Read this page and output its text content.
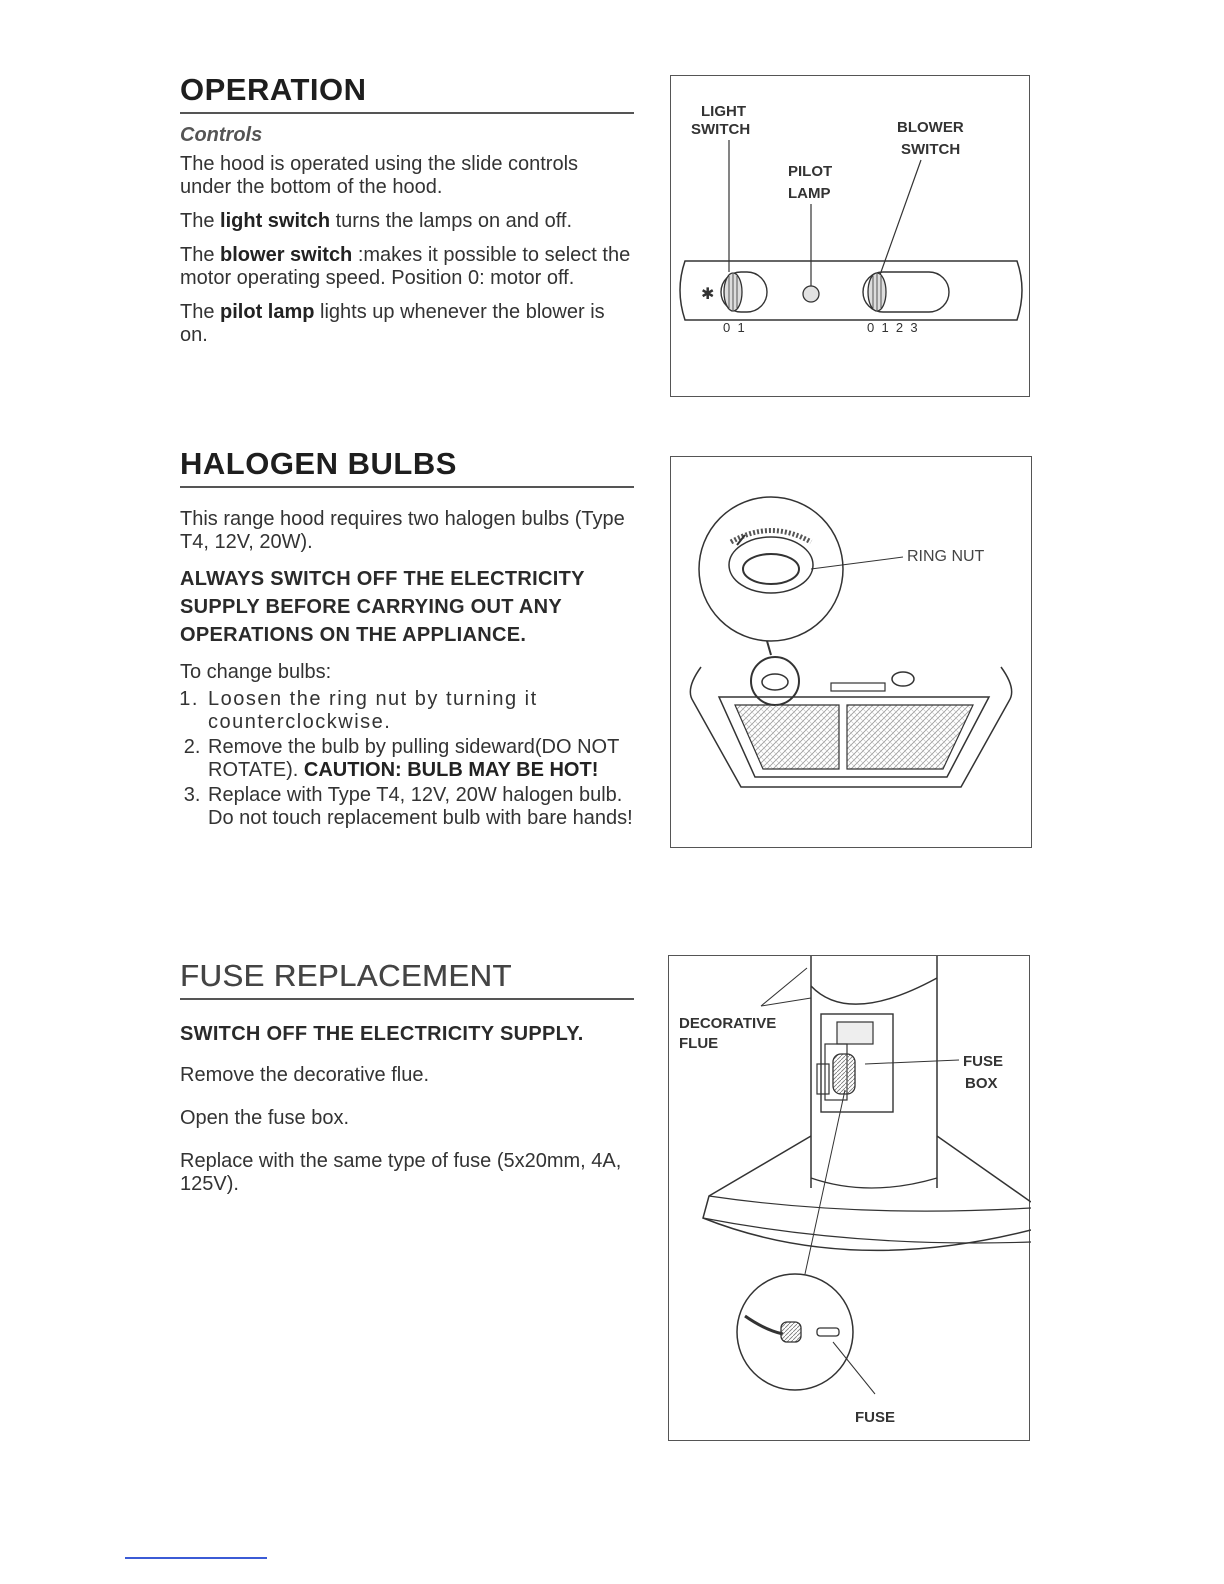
OPERATION
Controls

The hood is operated using the slide controls under the bottom of the hood.

The light switch turns the lamps on and off.

The blower switch :makes it possible to select the motor operating speed. Position 0: motor off.

The pilot lamp lights up whenever the blower is on.

LIGHT
SWITCH	BLOWER
SWITCH
PILOT
LAMP
✱
0  1	0  1  2  3
HALOGEN BULBS

This range hood requires two halogen bulbs (Type T4, 12V, 20W).

ALWAYS SWITCH OFF THE ELECTRICITY SUPPLY BEFORE CARRYING OUT ANY OPERATIONS ON THE APPLIANCE.

To change bulbs:

1. Loosen the ring nut by turning it counterclockwise.
2. Remove the bulb by pulling sideward(DO NOT ROTATE). CAUTION: BULB MAY BE HOT!
3. Replace with Type T4, 12V, 20W halogen bulb. Do not touch replacement bulb with bare hands!
RING NUT
FUSE REPLACEMENT
SWITCH OFF THE ELECTRICITY SUPPLY.

Remove the decorative flue.

Open the fuse box.

Replace with the same type of fuse (5x20mm, 4A, 125V).

DECORATIVE
FLUE
FUSE
BOX
FUSE
